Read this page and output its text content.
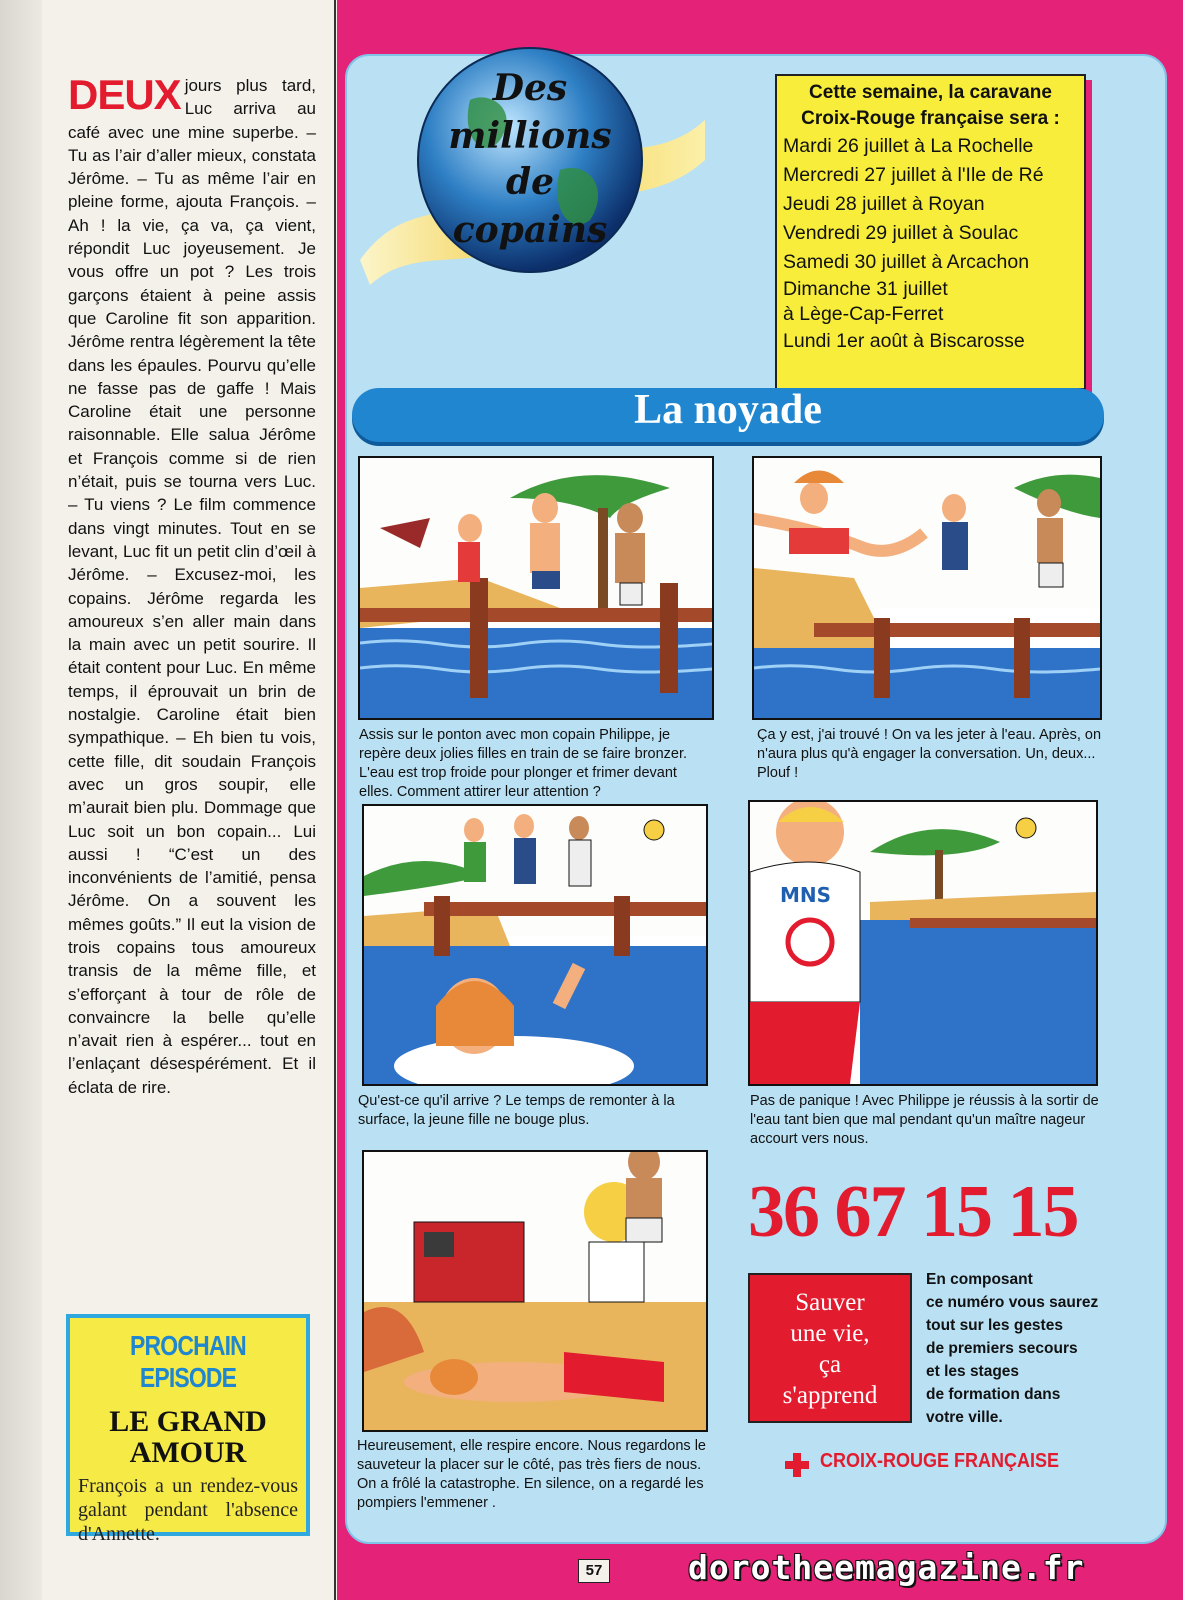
DEUX jours plus tard, Luc arriva au café avec une mine superbe. – Tu as l’air d’aller mieux, constata Jérôme. – Tu as même l’air en pleine forme, ajouta François. – Ah ! la vie, ça va, ça vient, répondit Luc joyeusement. Je vous offre un pot ? Les trois garçons étaient à peine assis que Caroline fit son apparition. Jérôme rentra légèrement la tête dans les épaules. Pourvu qu’elle ne fasse pas de gaffe ! Mais Caroline était une personne raisonnable. Elle salua Jérôme et François comme si de rien n’était, puis se tourna vers Luc. – Tu viens ? Le film commence dans vingt minutes. Tout en se levant, Luc fit un petit clin d’œil à Jérôme. – Excusez-moi, les copains. Jérôme regarda les amoureux s’en aller main dans la main avec un petit sourire. Il était content pour Luc. En même temps, il éprouvait un brin de nostalgie. Caroline était bien sympathique. – Eh bien tu vois, cette fille, dit soudain François avec un gros soupir, elle m’aurait bien plu. Dommage que Luc soit un bon copain... Lui aussi ! “C’est un des inconvénients de l’amitié, pensa Jérôme. On a souvent les mêmes goûts.” Il eut la vision de trois copains tous amoureux transis de la même fille, et s’efforçant à tour de rôle de convaincre la belle qu’elle n’avait rien à espérer... tout en l’enlaçant désespérément. Et il éclata de rire.

PROCHAIN EPISODE
LE GRAND
AMOUR
François a un rendez-vous galant pendant l'absence d'Annette.
Des
millions
de
copains
Cette semaine, la caravane
Croix-Rouge française sera :
Mardi 26 juillet à La Rochelle
Mercredi 27 juillet à l'Ile de Ré
Jeudi 28 juillet à Royan
Vendredi 29 juillet à Soulac
Samedi 30 juillet à Arcachon
Dimanche 31 juillet
à Lège-Cap-Ferret
Lundi 1er août à Biscarosse
La noyade
Assis sur le ponton avec mon copain Philippe, je repère deux jolies filles en train de se faire bronzer. L'eau est trop froide pour plonger et frimer devant elles. Comment attirer leur attention ?
Ça y est, j'ai trouvé ! On va les jeter à l'eau. Après, on n'aura plus qu'à engager la conversation. Un, deux... Plouf !
Qu'est-ce qu'il arrive ? Le temps de remonter à la surface, la jeune fille ne bouge plus.
MNS
Pas de panique ! Avec Philippe je réussis à la sortir de l'eau tant bien que mal pendant qu'un maître nageur accourt vers nous.
Heureusement, elle respire encore. Nous regardons le sauveteur la placer sur le côté, pas très fiers de nous. On a frôlé la catastrophe. En silence, on a regardé les pompiers l'emmener .
36 67 15 15
Sauver
une vie,
ça
s'apprend
En composant
ce numéro vous saurez
tout sur les gestes
de premiers secours
et les stages
de formation dans
votre ville.
CROIX-ROUGE FRANÇAISE
57	dorotheemagazine.fr
